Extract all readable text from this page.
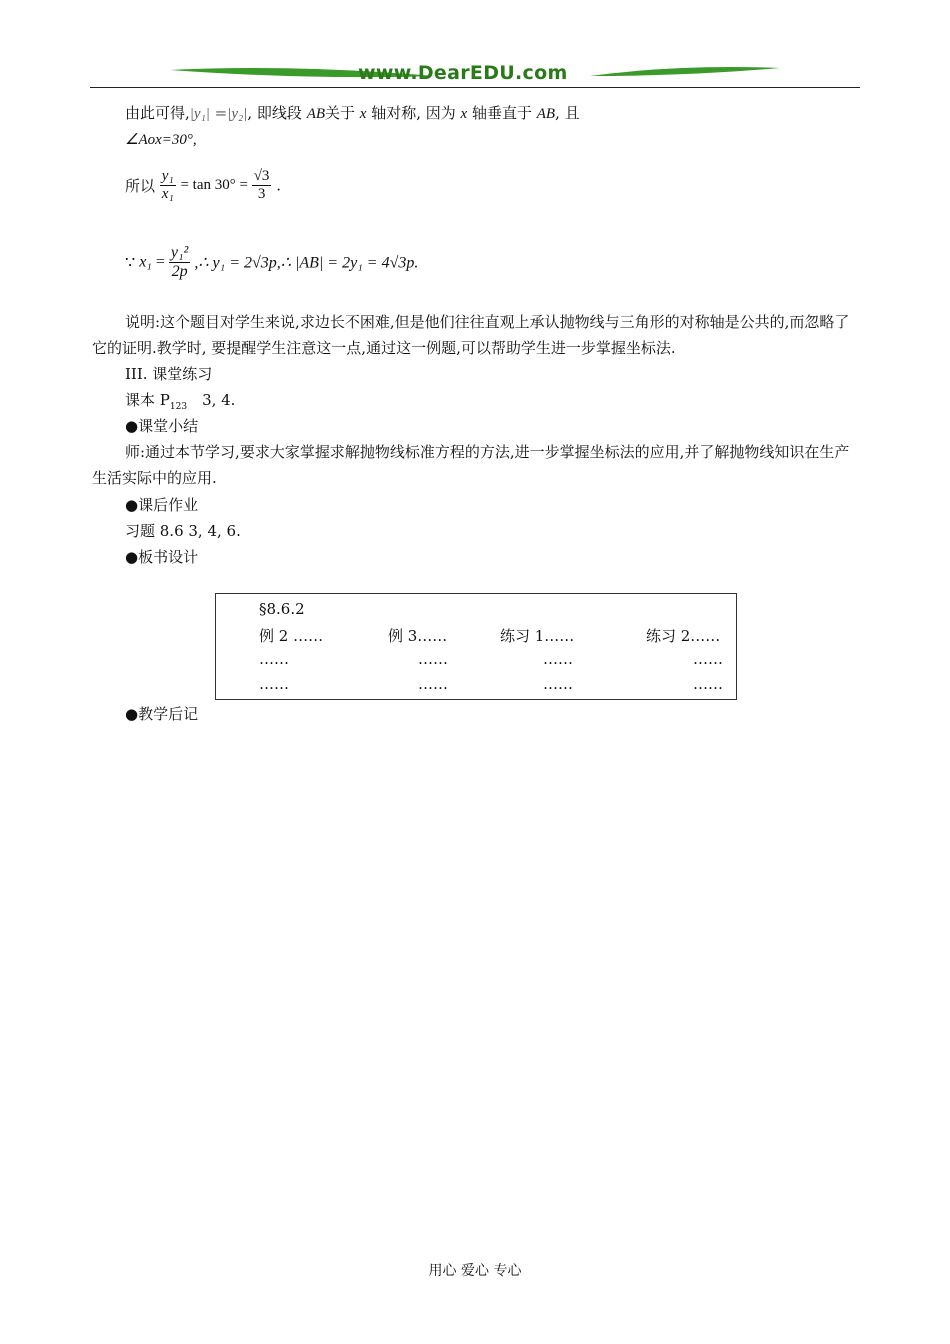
www.DearEDU.com
由此可得,|y₁| =|y₂|, 即线段 AB关于 x 轴对称, 因为 x 轴垂直于 AB, 且
∠Aox=30°,
所以 $\frac{\text{y₁}}{\text{x₁}} = \tan 30^\circ = \frac{√3}{3}$ .
∵ $x_1 = \frac{\text{y₁²}}{2p}$ ,∴ y₁ = 2√3p,∴ |AB| = 2y₁ = 4√3p.
说明:这个题目对学生来说,求边长不困难,但是他们往往直观上承认抛物线与三角形的对称轴是公共的,而忽略了它的证明.教学时, 要提醒学生注意这一点,通过这一例题,可以帮助学生进一步掌握坐标法.
III. 课堂练习
课本 $P_{123}$　3, 4.
●课堂小结
师:通过本节学习,要求大家掌握求解抛物线标准方程的方法,进一步掌握坐标法的应用,并了解抛物线知识在生产生活实际中的应用.
●课后作业
习题 8.6 3, 4, 6.
●板书设计
§8.6.2
例 2 ……	例 3……	练习 1……	练习 2……
……	……	……	……
……	……	……	……
●教学后记
用心 爱心 专心
